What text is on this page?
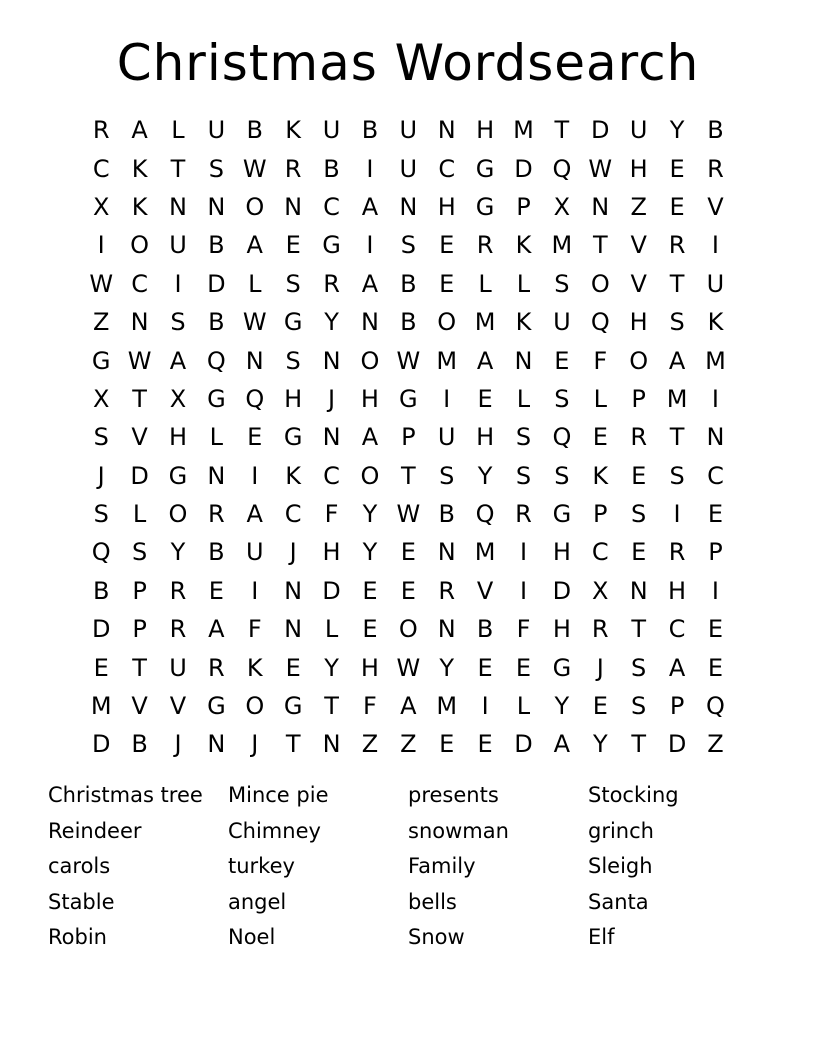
Christmas Wordsearch
R A L U B K U B U N H M T D U Y B
C K T S W R B	I	U C G D Q W H E R
X K N N O N C A N H G P X N Z E V
I	O U B A E G	I	S E R K M T V R	I
W C	I	D L	S R A B E	L	L	S O V T U
Z N S B W G Y N B O M K U Q H S K
G W A Q N S N O W M A N E F O A M
X T X G Q H	J	H G	I	E	L	S	L	P M	I
S V H L	E G N A P U H S Q E R T N
J	D G N	I	K C O T S Y S S K E S C
S	L O R A C F	Y W B Q R G P S	I	E
Q S Y B U	J	H Y E N M	I	H C E R P
B P R E	I	N D E E R V	I	D X N H	I
D P R A F N L	E O N B F H R T C E
E T U R K E Y H W Y E E G	J	S A E
M V V G O G T	F A M	I	L	Y E S P Q
D B	J	N	J	T N Z Z E E D A Y T D Z
Christmas tree	Mince pie	presents	Stocking
Reindeer	Chimney	snowman	grinch
carols	turkey	Family	Sleigh
Stable	angel	bells	Santa
Robin	Noel	Snow	Elf
